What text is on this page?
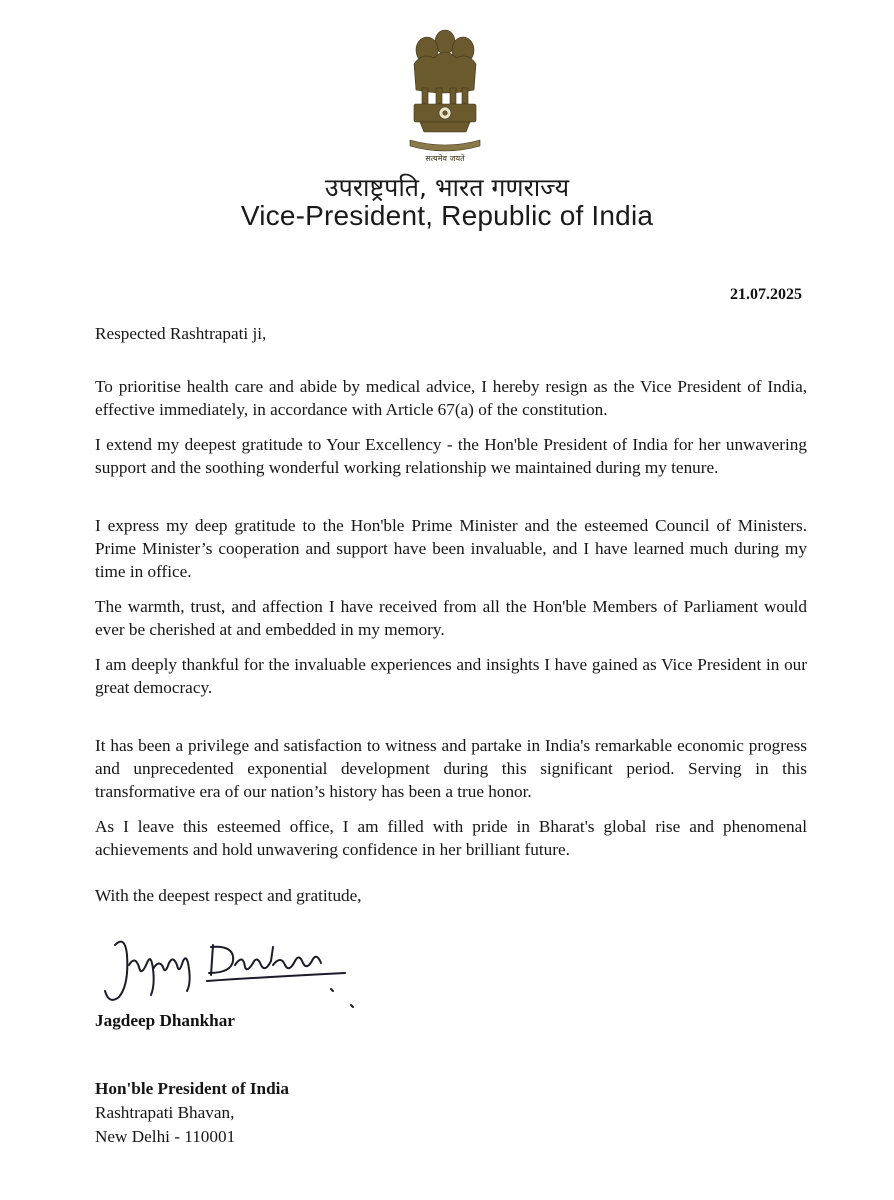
सत्यमेव जयते
उपराष्ट्रपति, भारत गणराज्य
Vice-President, Republic of India
21.07.2025
Respected Rashtrapati ji,
To prioritise health care and abide by medical advice, I hereby resign as the Vice President of India, effective immediately, in accordance with Article 67(a) of the constitution.
I extend my deepest gratitude to Your Excellency - the Hon'ble President of India for her unwavering support and the soothing wonderful working relationship we maintained during my tenure.
I express my deep gratitude to the Hon'ble Prime Minister and the esteemed Council of Ministers. Prime Minister’s cooperation and support have been invaluable, and I have learned much during my time in office.
The warmth, trust, and affection I have received from all the Hon'ble Members of Parliament would ever be cherished at and embedded in my memory.
I am deeply thankful for the invaluable experiences and insights I have gained as Vice President in our great democracy.
It has been a privilege and satisfaction to witness and partake in India's remarkable economic progress and unprecedented exponential development during this significant period. Serving in this transformative era of our nation’s history has been a true honor.
As I leave this esteemed office, I am filled with pride in Bharat's global rise and phenomenal achievements and hold unwavering confidence in her brilliant future.
With the deepest respect and gratitude,
Jagdeep Dhankhar
Hon'ble President of India
Rashtrapati Bhavan,
New Delhi - 110001
